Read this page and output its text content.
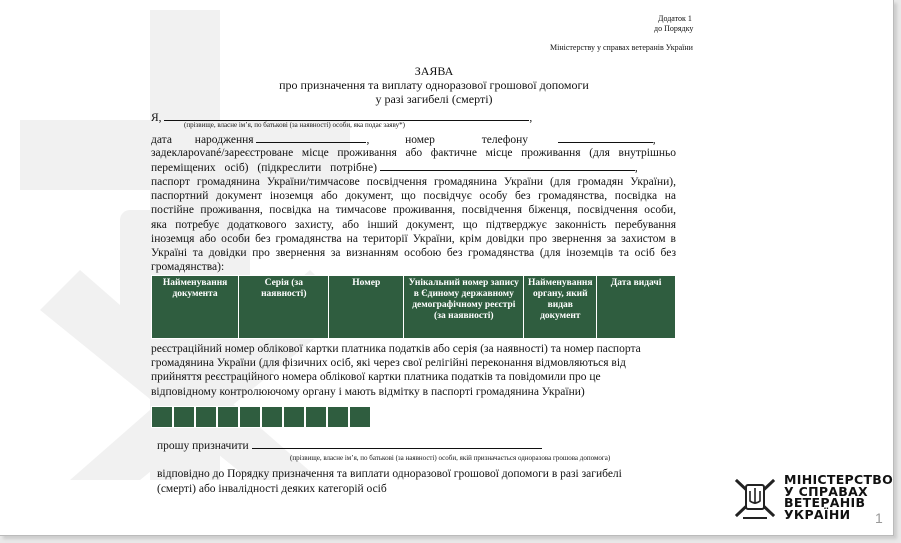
Додаток 1
до Порядку
Міністерству у справах ветеранів України
ЗАЯВА
про призначення та виплату одноразової грошової допомоги
у разі загибелі (смерті)
Я,	,
(прізвище, власне ім’я, по батькові (за наявності) особи, яка подає заяву*)
дата народження	,	номер телефону	,
задекларované/зареєстроване місце проживання або фактичне місце проживання (для внутрішньо
переміщених осіб) (підкреслити потрібне)	,
паспорт громадянина України/тимчасове посвідчення громадянина України (для громадян України),
паспортний документ іноземця або документ, що посвідчує особу без громадянства, посвідка на
постійне проживання, посвідка на тимчасове проживання, посвідчення біженця, посвідчення особи,
яка потребує додаткового захисту, або інший документ, що підтверджує законність перебування
іноземця або особи без громадянства на території України, крім довідки про звернення за захистом в
Україні та довідки про звернення за визнанням особою без громадянства (для іноземців та осіб без
громадянства):
Найменування документа	Серія (за наявності)	Номер	Унікальний номер запису в Єдиному державному демографічному реєстрі (за наявності)	Найменування органу, який видав документ	Дата видачі
реєстраційний номер облікової картки платника податків або серія (за наявності) та номер паспорта
громадянина України (для фізичних осіб, які через свої релігійні переконання відмовляються від
прийняття реєстраційного номера облікової картки платника податків та повідомили про це
відповідному контролюючому органу і мають відмітку в паспорті громадянина України)
прошу призначити
(прізвище, власне ім’я, по батькові (за наявності) особи, якій призначається одноразова грошова допомога)
відповідно до Порядку призначення та виплати одноразової грошової допомоги в разі загибелі
(смерті) або інвалідності деяких категорій осіб
МІНІСТЕРСТВО
У СПРАВАХ
ВЕТЕРАНІВ
УКРАЇНИ	1
